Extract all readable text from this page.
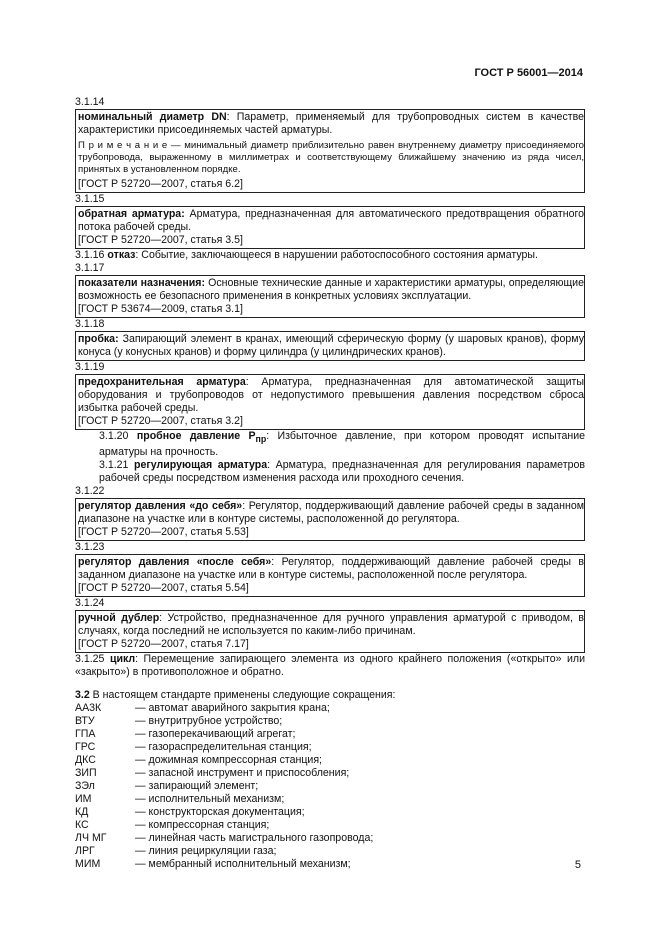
ГОСТ Р 56001—2014

3.1.14

номинальный диаметр DN: Параметр, применяемый для трубопроводных систем в качестве характеристики присоединяемых частей арматуры.

П р и м е ч а н и е — минимальный диаметр приблизительно равен внутреннему диаметру присоединяемого трубопровода, выраженному в миллиметрах и соответствующему ближайшему значению из ряда чисел, принятых в установленном порядке.

[ГОСТ Р 52720—2007, статья 6.2]

3.1.15

обратная арматура: Арматура, предназначенная для автоматического предотвращения обратного потока рабочей среды.

[ГОСТ Р 52720—2007, статья 3.5]

3.1.16 отказ: Событие, заключающееся в нарушении работоспособного состояния арматуры.

3.1.17

показатели назначения: Основные технические данные и характеристики арматуры, определяющие возможность ее безопасного применения в конкретных условиях эксплуатации.

[ГОСТ Р 53674—2009, статья 3.1]

3.1.18

пробка: Запирающий элемент в кранах, имеющий сферическую форму (у шаровых кранов), форму конуса (у конусных кранов) и форму цилиндра (у цилиндрических кранов).

3.1.19

предохранительная арматура: Арматура, предназначенная для автоматической защиты оборудования и трубопроводов от недопустимого превышения давления посредством сброса избытка рабочей среды.

[ГОСТ Р 52720—2007, статья 3.2]

3.1.20 пробное давление $P_{пр}$: Избыточное давление, при котором проводят испытание арматуры на прочность.

3.1.21 регулирующая арматура: Арматура, предназначенная для регулирования параметров рабочей среды посредством изменения расхода или проходного сечения.

3.1.22

регулятор давления «до себя»: Регулятор, поддерживающий давление рабочей среды в заданном диапазоне на участке или в контуре системы, расположенной до регулятора.

[ГОСТ Р 52720—2007, статья 5.53]

3.1.23

регулятор давления «после себя»: Регулятор, поддерживающий давление рабочей среды в заданном диапазоне на участке или в контуре системы, расположенной после регулятора.

[ГОСТ Р 52720—2007, статья 5.54]

3.1.24

ручной дублер: Устройство, предназначенное для ручного управления арматурой с приводом, в случаях, когда последний не используется по каким-либо причинам.

[ГОСТ Р 52720—2007, статья 7.17]

3.1.25 цикл: Перемещение запирающего элемента из одного крайнего положения («открыто» или «закрыто») в противоположное и обратно.

3.2 В настоящем стандарте применены следующие сокращения:

АА3К	— автомат аварийного закрытия крана;
ВТУ	— внутритрубное устройство;
ГПА	— газоперекачивающий агрегат;
ГРС	— газораспределительная станция;
ДКС	— дожимная компрессорная станция;
ЗИП	— запасной инструмент и приспособления;
ЗЭл	— запирающий элемент;
ИМ	— исполнительный механизм;
КД	— конструкторская документация;
КС	— компрессорная станция;
ЛЧ МГ	— линейная часть магистрального газопровода;
ЛРГ	— линия рециркуляции газа;
МИМ	— мембранный исполнительный механизм;	5
